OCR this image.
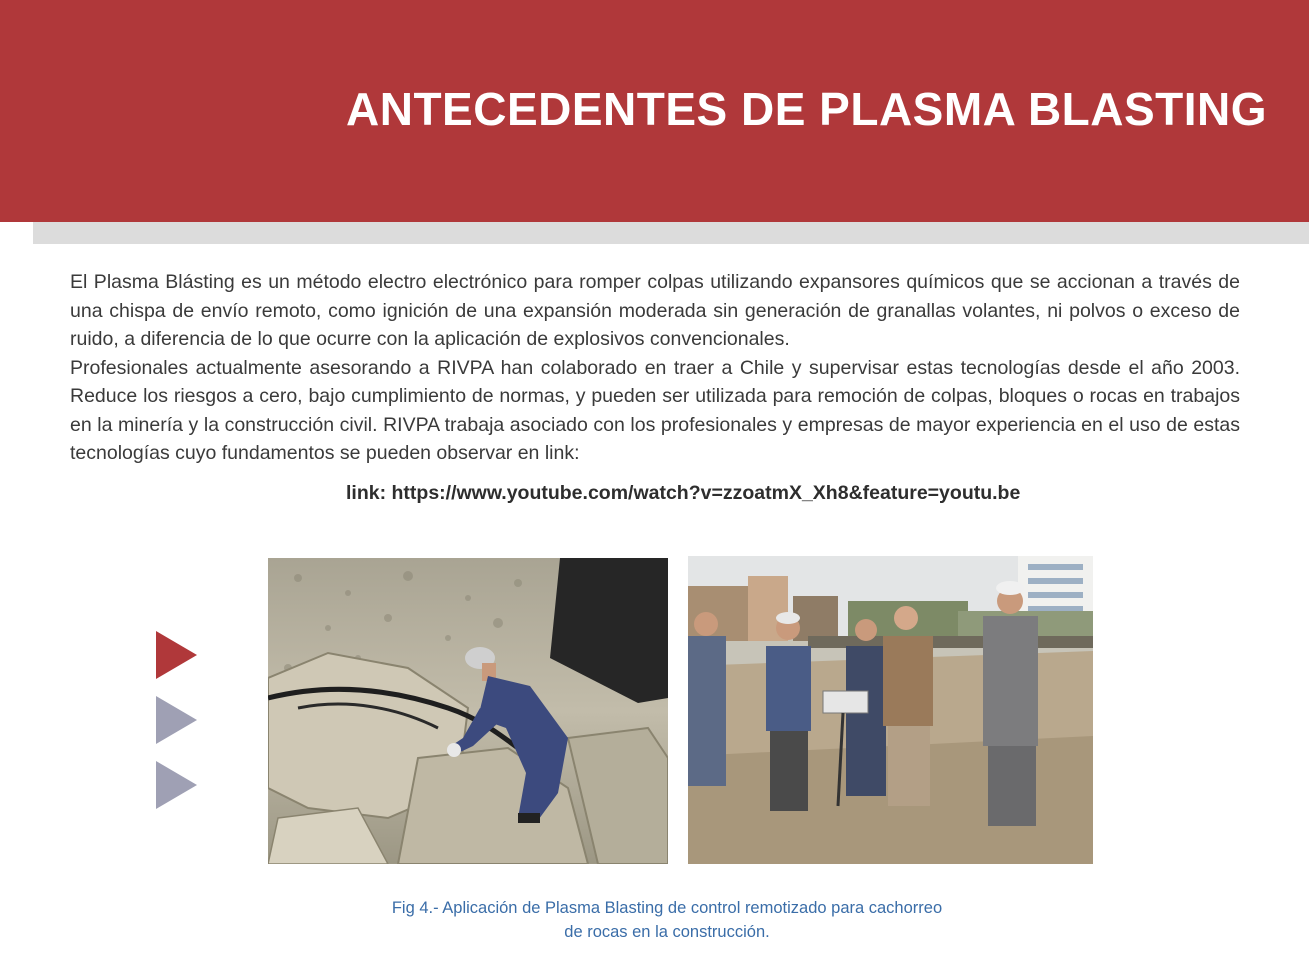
ANTECEDENTES DE PLASMA BLASTING

El Plasma Blásting es un método electro electrónico para romper colpas utilizando expansores químicos que se accionan a través de una chispa de envío remoto, como ignición de una expansión moderada sin generación de granallas volantes, ni polvos o exceso de ruido, a diferencia de lo que ocurre con la aplicación de explosivos convencionales.

Profesionales actualmente asesorando a RIVPA han colaborado en traer a Chile y supervisar estas tecnologías desde el año 2003. Reduce los riesgos a cero, bajo cumplimiento de normas, y pueden ser utilizada para remoción de colpas, bloques o rocas en trabajos en la minería y la construcción civil. RIVPA trabaja asociado con los profesionales y empresas de mayor experiencia en el uso de estas tecnologías cuyo fundamentos se pueden observar en link:

link: https://www.youtube.com/watch?v=zzoatmX_Xh8&feature=youtu.be
Fig 4.- Aplicación de Plasma Blasting de control remotizado para cachorreo
de rocas en la construcción.
